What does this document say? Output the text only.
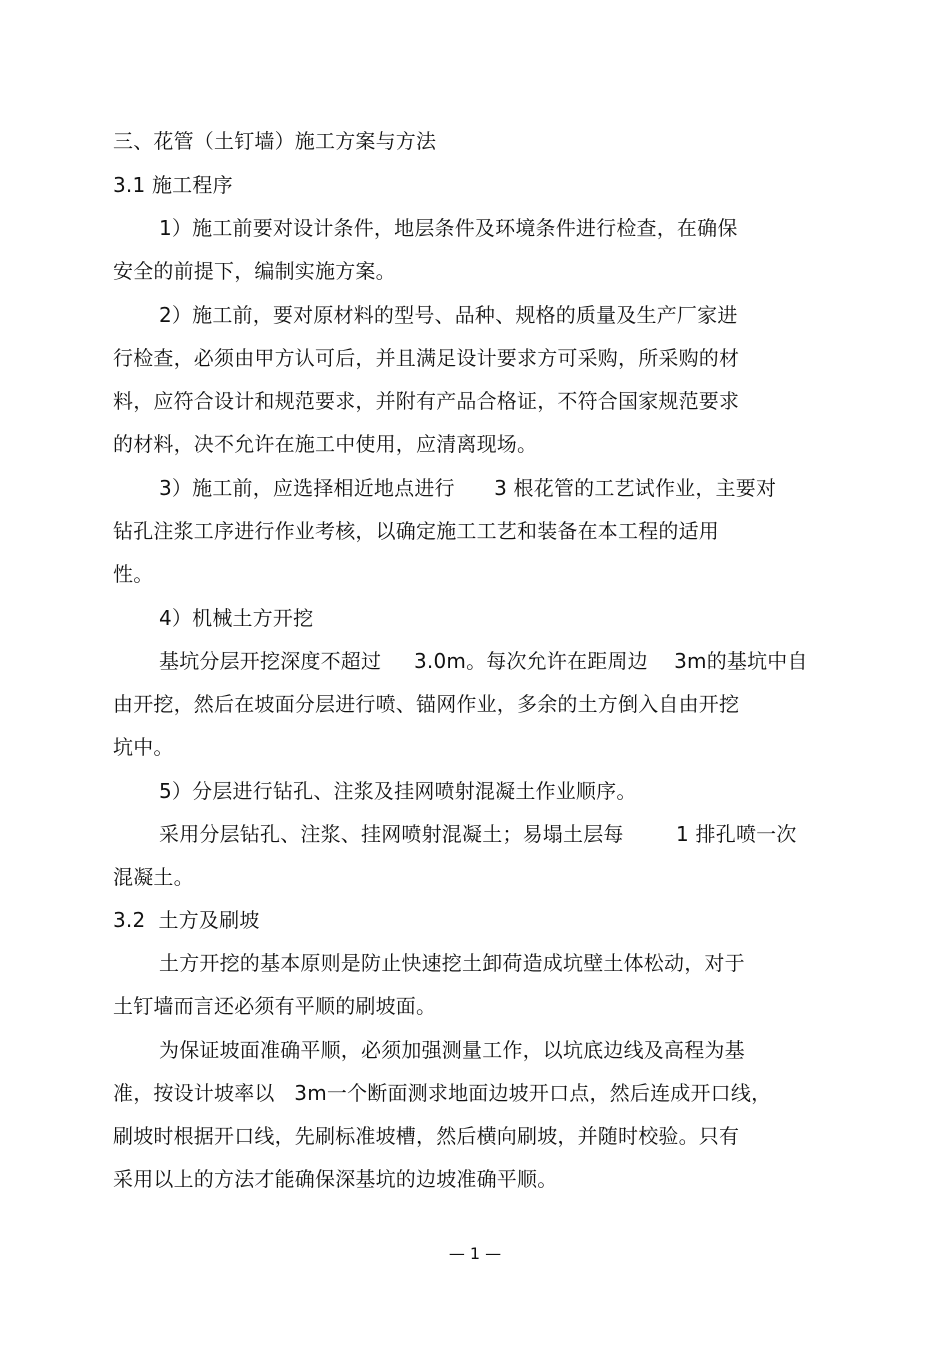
三、花管（土钉墙）施工方案与方法
3.1 施工程序
1）施工前要对设计条件，地层条件及环境条件进行检查，在确保
安全的前提下，编制实施方案。
2）施工前，要对原材料的型号、品种、规格的质量及生产厂家进
行检查，必须由甲方认可后，并且满足设计要求方可采购，所采购的材
料，应符合设计和规范要求，并附有产品合格证，不符合国家规范要求
的材料，决不允许在施工中使用，应清离现场。
3）施工前，应选择相近地点进行      3 根花管的工艺试作业，主要对
钻孔注浆工序进行作业考核，以确定施工工艺和装备在本工程的适用
性。
4）机械土方开挖
基坑分层开挖深度不超过     3.0m。每次允许在距周边    3m的基坑中自
由开挖，然后在坡面分层进行喷、锚网作业，多余的土方倒入自由开挖
坑中。
5）分层进行钻孔、注浆及挂网喷射混凝土作业顺序。
采用分层钻孔、注浆、挂网喷射混凝土；易塌土层每        1 排孔喷一次
混凝土。
3.2  土方及刷坡
土方开挖的基本原则是防止快速挖土卸荷造成坑壁土体松动，对于
土钉墙而言还必须有平顺的刷坡面。
为保证坡面准确平顺，必须加强测量工作，以坑底边线及高程为基
准，按设计坡率以   3m一个断面测求地面边坡开口点，然后连成开口线，
刷坡时根据开口线，先刷标准坡槽，然后横向刷坡，并随时校验。只有
采用以上的方法才能确保深基坑的边坡准确平顺。
— 1 —
